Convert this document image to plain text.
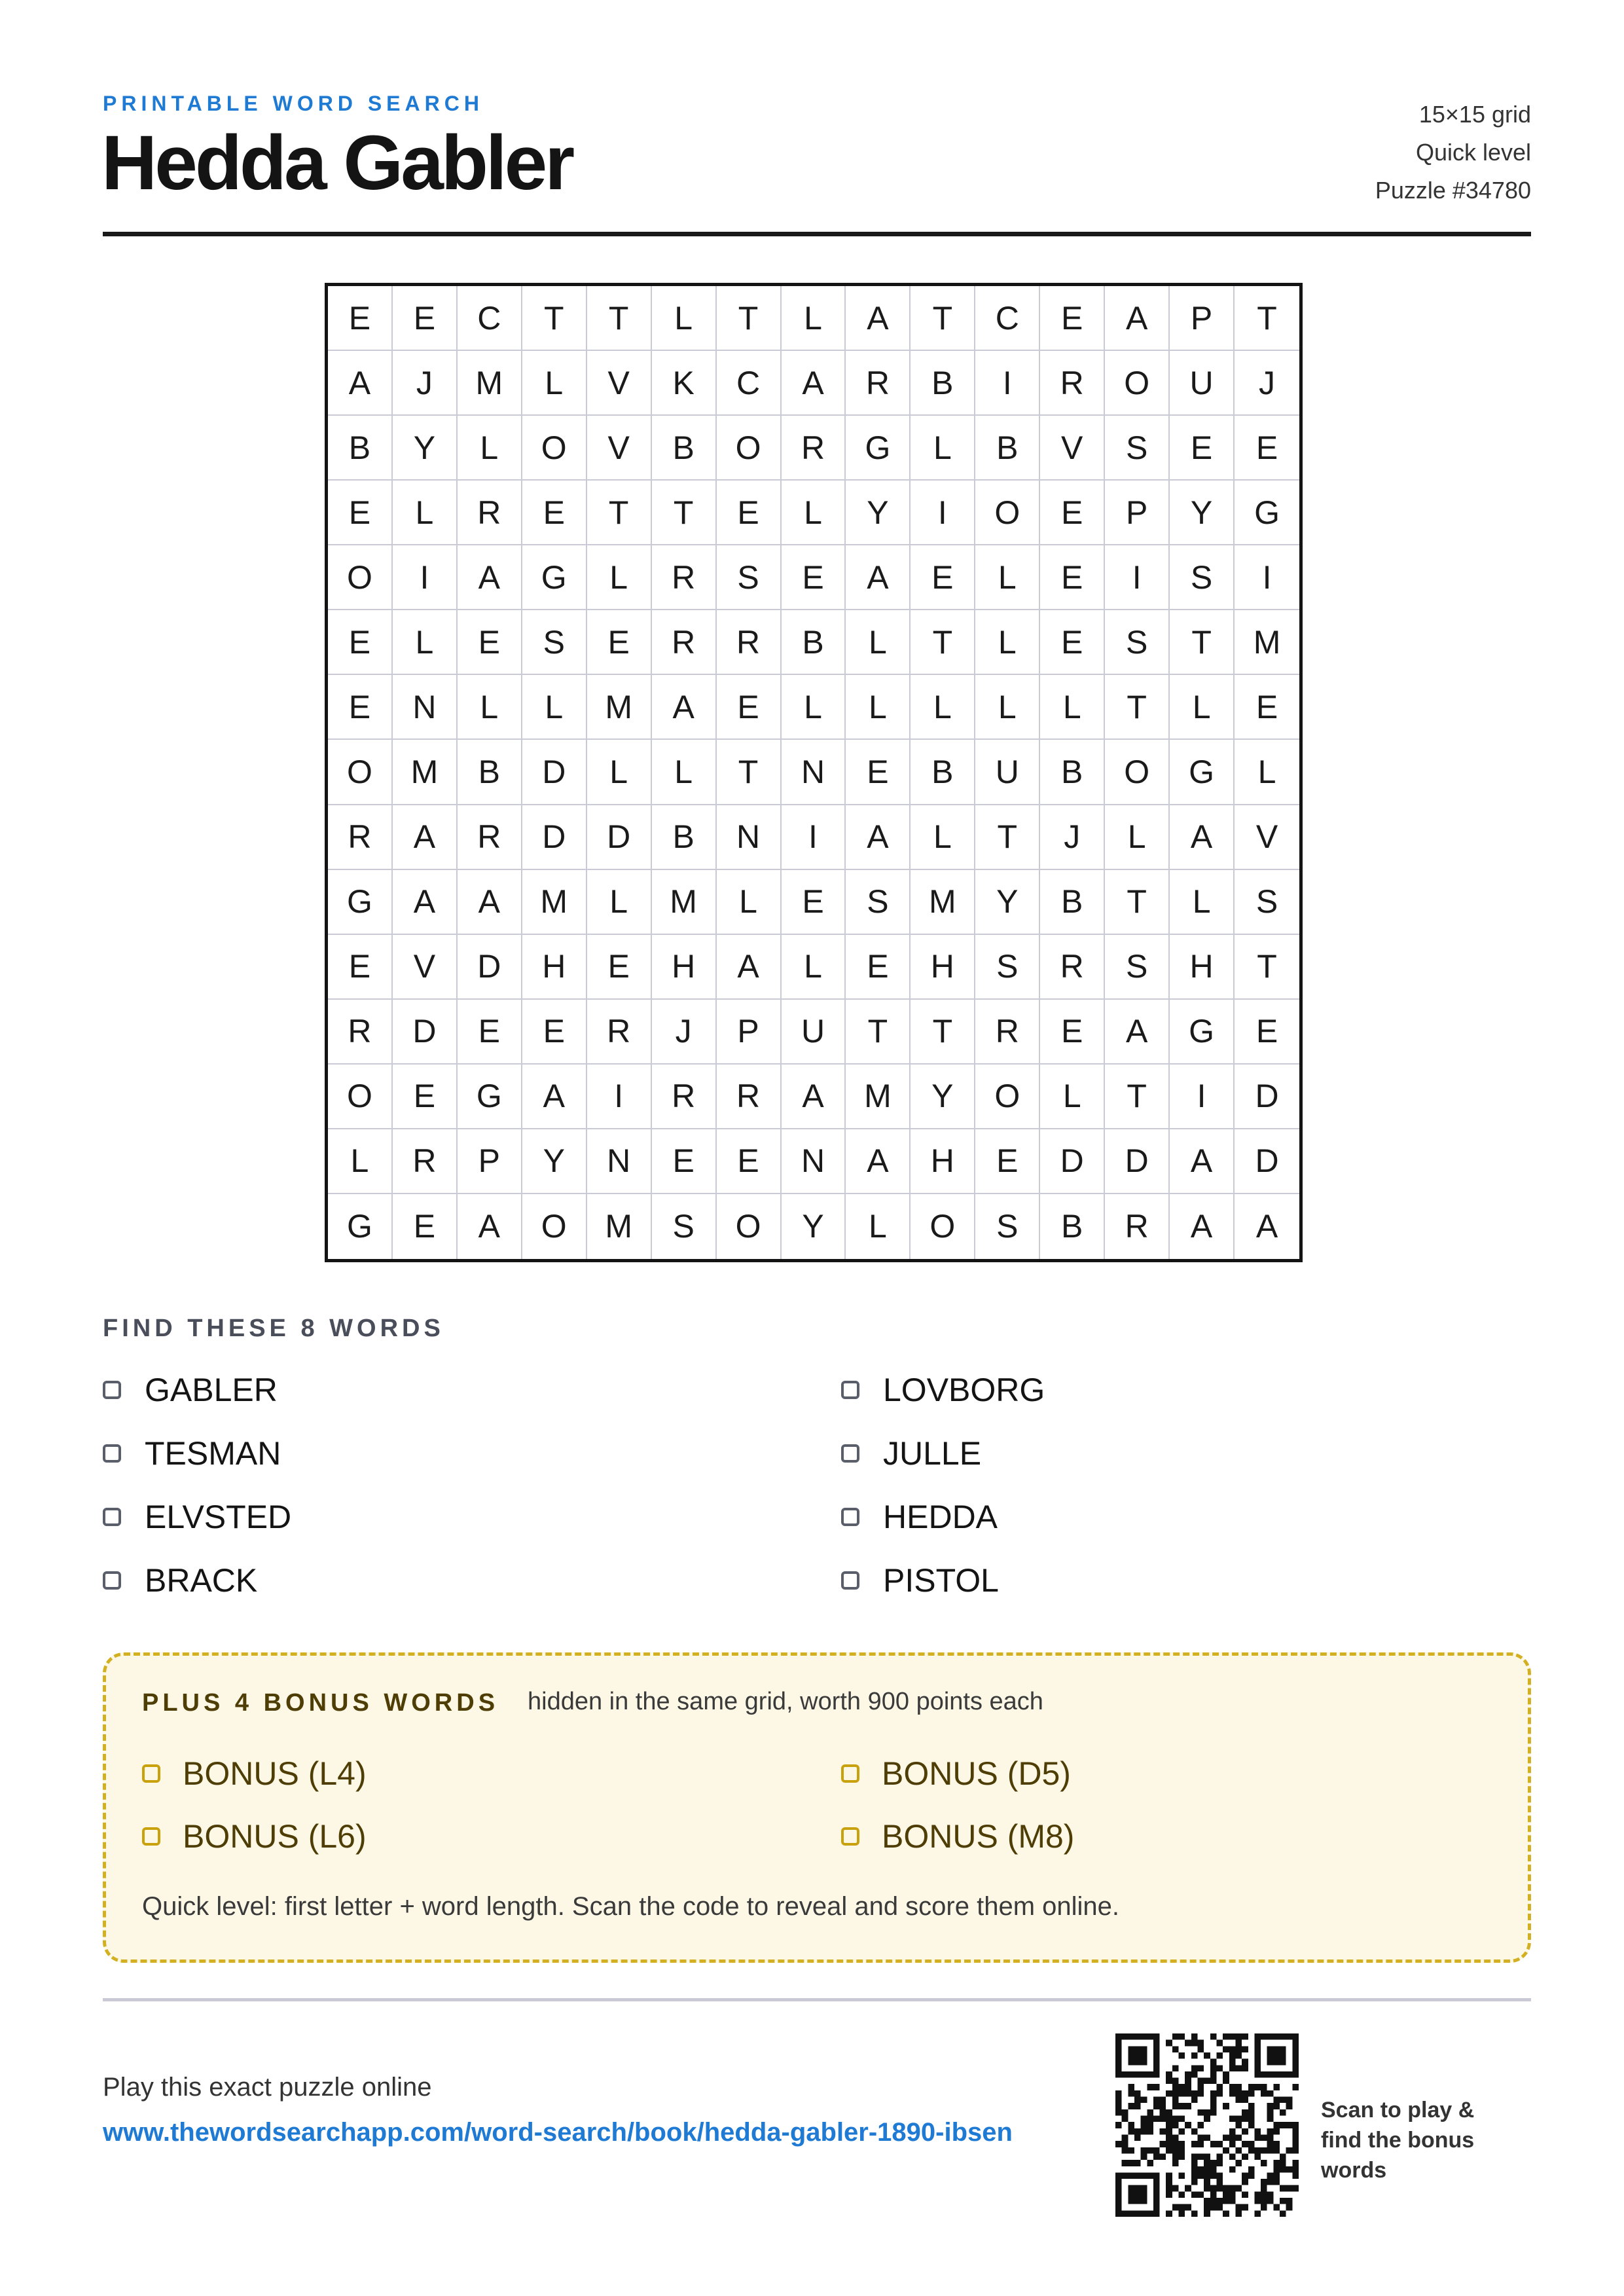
PRINTABLE WORD SEARCH
Hedda Gabler
15×15 grid
Quick level
Puzzle #34780
E	E	C	T	T	L	T	L	A	T	C	E	A	P	T
A	J	M	L	V	K	C	A	R	B	I	R	O	U	J
B	Y	L	O	V	B	O	R	G	L	B	V	S	E	E
E	L	R	E	T	T	E	L	Y	I	O	E	P	Y	G
O	I	A	G	L	R	S	E	A	E	L	E	I	S	I
E	L	E	S	E	R	R	B	L	T	L	E	S	T	M
E	N	L	L	M	A	E	L	L	L	L	L	T	L	E
O	M	B	D	L	L	T	N	E	B	U	B	O	G	L
R	A	R	D	D	B	N	I	A	L	T	J	L	A	V
G	A	A	M	L	M	L	E	S	M	Y	B	T	L	S
E	V	D	H	E	H	A	L	E	H	S	R	S	H	T
R	D	E	E	R	J	P	U	T	T	R	E	A	G	E
O	E	G	A	I	R	R	A	M	Y	O	L	T	I	D
L	R	P	Y	N	E	E	N	A	H	E	D	D	A	D
G	E	A	O	M	S	O	Y	L	O	S	B	R	A	A
FIND THESE 8 WORDS
GABLER	LOVBORG
TESMAN	JULLE
ELVSTED	HEDDA
BRACK	PISTOL
PLUS 4 BONUS WORDS hidden in the same grid, worth 900 points each
BONUS (L4)	BONUS (D5)
BONUS (L6)	BONUS (M8)
Quick level: first letter + word length. Scan the code to reveal and score them online.
Play this exact puzzle online
www.thewordsearchapp.com/word-search/book/hedda-gabler-1890-ibsen
Scan to play & find the bonus words
